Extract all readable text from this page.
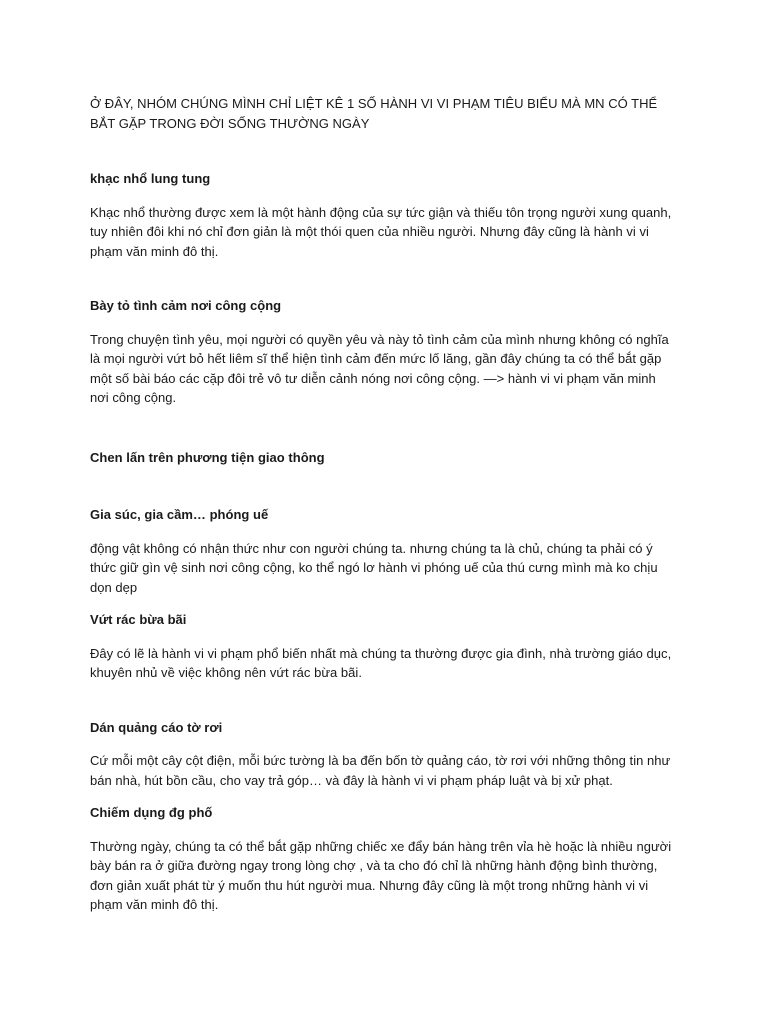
Ở ĐÂY, NHÓM CHÚNG MÌNH CHỈ LIỆT KÊ 1 SỐ HÀNH VI VI PHẠM TIÊU BIỂU MÀ MN CÓ THỂ BẮT GẶP TRONG ĐỜI SỐNG THƯỜNG NGÀY

khạc nhổ lung tung

Khạc nhổ thường được xem là một hành động của sự tức giận và thiếu tôn trọng người xung quanh, tuy nhiên đôi khi nó chỉ đơn giản là một thói quen của nhiều người. Nhưng đây cũng là hành vi vi phạm văn minh đô thị.

Bày tỏ tình cảm nơi công cộng

Trong chuyện tình yêu, mọi người có quyền yêu và này tỏ tình cảm của mình nhưng không có nghĩa là mọi người vứt bỏ hết liêm sĩ thể hiện tình cảm đến mức lố lăng, gần đây chúng ta có thể bắt gặp một số bài báo các cặp đôi trẻ vô tư diễn cảnh nóng nơi công cộng. —> hành vi vi phạm văn minh nơi công cộng.

Chen lấn trên phương tiện giao thông

Gia súc, gia cầm… phóng uế

động vật không có nhận thức như con người chúng ta. nhưng chúng ta là chủ, chúng ta phải có ý thức giữ gìn vệ sinh nơi công cộng, ko thể ngó lơ hành vi phóng uế của thú cưng mình mà ko chịu dọn dẹp

Vứt rác bừa bãi

Đây có lẽ là hành vi vi phạm phổ biến nhất mà chúng ta thường được gia đình, nhà trường giáo dục, khuyên nhủ về việc không nên vứt rác bừa bãi.

Dán quảng cáo tờ rơi

Cứ mỗi một cây cột điện, mỗi bức tường là ba đến bốn tờ quảng cáo, tờ rơi với những thông tin như bán nhà, hút bồn cầu, cho vay trả góp… và đây là hành vi vi phạm pháp luật và bị xử phạt.

Chiếm dụng đg phố

Thường ngày, chúng ta có thể bắt gặp những chiếc xe đẩy bán hàng trên vỉa hè hoặc là nhiều người bày bán ra ở giữa đường ngay trong lòng chợ , và ta cho đó chỉ là những hành động bình thường, đơn giản xuất phát từ ý muốn thu hút người mua. Nhưng đây cũng là một trong những hành vi vi phạm văn minh đô thị.
